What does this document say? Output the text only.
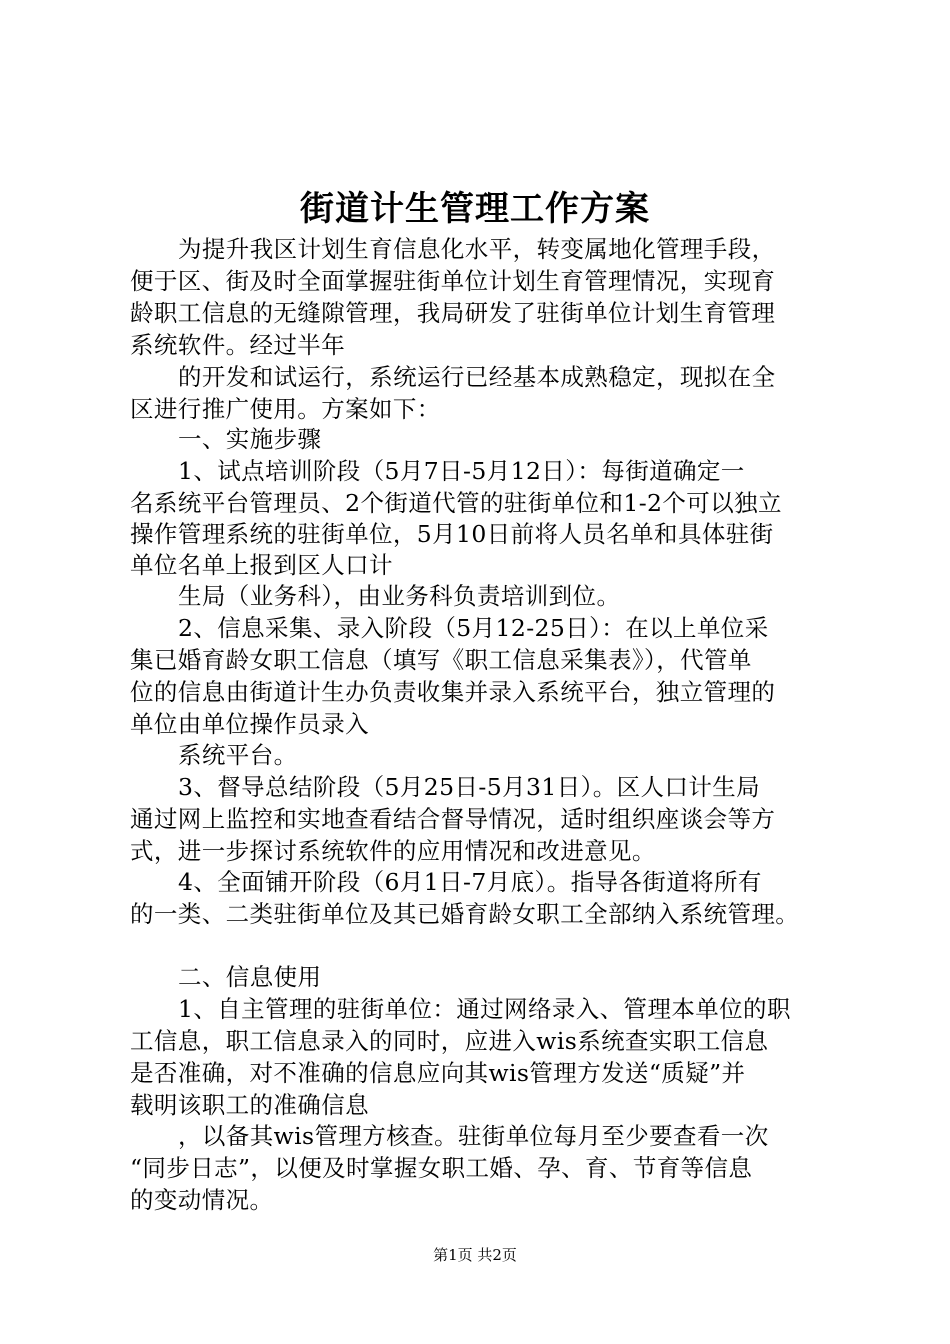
街道计生管理工作方案
为提升我区计划生育信息化水平，转变属地化管理手段，
便于区、街及时全面掌握驻街单位计划生育管理情况，实现育
龄职工信息的无缝隙管理，我局研发了驻街单位计划生育管理
系统软件。经过半年
的开发和试运行，系统运行已经基本成熟稳定，现拟在全
区进行推广使用。方案如下：
一、实施步骤
1、试点培训阶段（5月7日-5月12日）：每街道确定一
名系统平台管理员、2个街道代管的驻街单位和1-2个可以独立
操作管理系统的驻街单位，5月10日前将人员名单和具体驻街
单位名单上报到区人口计
生局（业务科），由业务科负责培训到位。
2、信息采集、录入阶段（5月12-25日）：在以上单位采
集已婚育龄女职工信息（填写《职工信息采集表》），代管单
位的信息由街道计生办负责收集并录入系统平台，独立管理的
单位由单位操作员录入
系统平台。
3、督导总结阶段（5月25日-5月31日）。区人口计生局
通过网上监控和实地查看结合督导情况，适时组织座谈会等方
式，进一步探讨系统软件的应用情况和改进意见。
4、全面铺开阶段（6月1日-7月底）。指导各街道将所有
的一类、二类驻街单位及其已婚育龄女职工全部纳入系统管理。
二、信息使用
1、自主管理的驻街单位：通过网络录入、管理本单位的职
工信息，职工信息录入的同时，应进入wis系统查实职工信息
是否准确，对不准确的信息应向其wis管理方发送“质疑”并
载明该职工的准确信息
，以备其wis管理方核查。驻街单位每月至少要查看一次
“同步日志”，以便及时掌握女职工婚、孕、育、节育等信息
的变动情况。
第1页 共2页
